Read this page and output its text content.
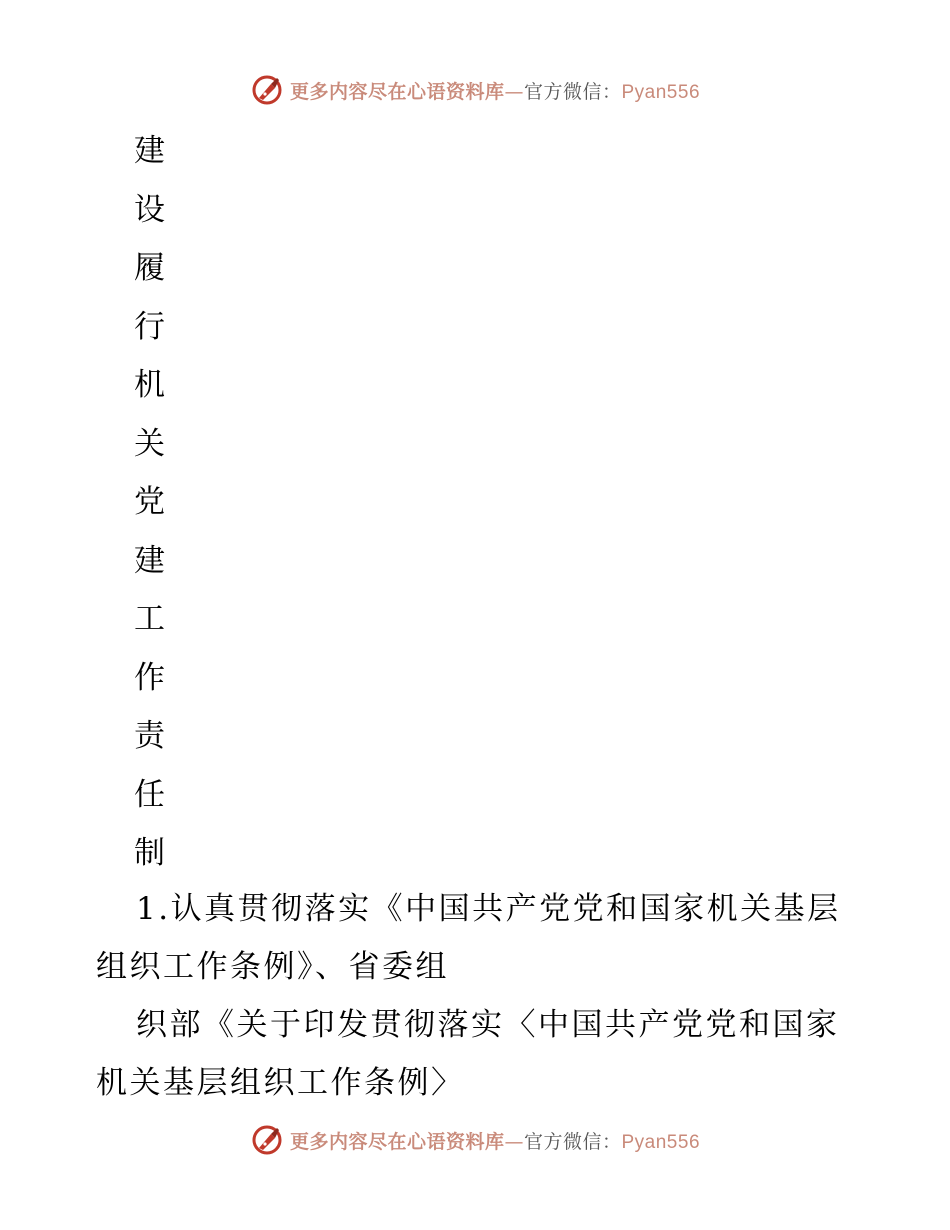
更多内容尽在心语资料库—官方微信：Pyan556
建
设
履
行
机
关
党
建
工
作
责
任
制

1.认真贯彻落实《中国共产党党和国家机关基层组织工作条例》、省委组

织部《关于印发贯彻落实〈中国共产党党和国家机关基层组织工作条例〉

更多内容尽在心语资料库—官方微信：Pyan556
